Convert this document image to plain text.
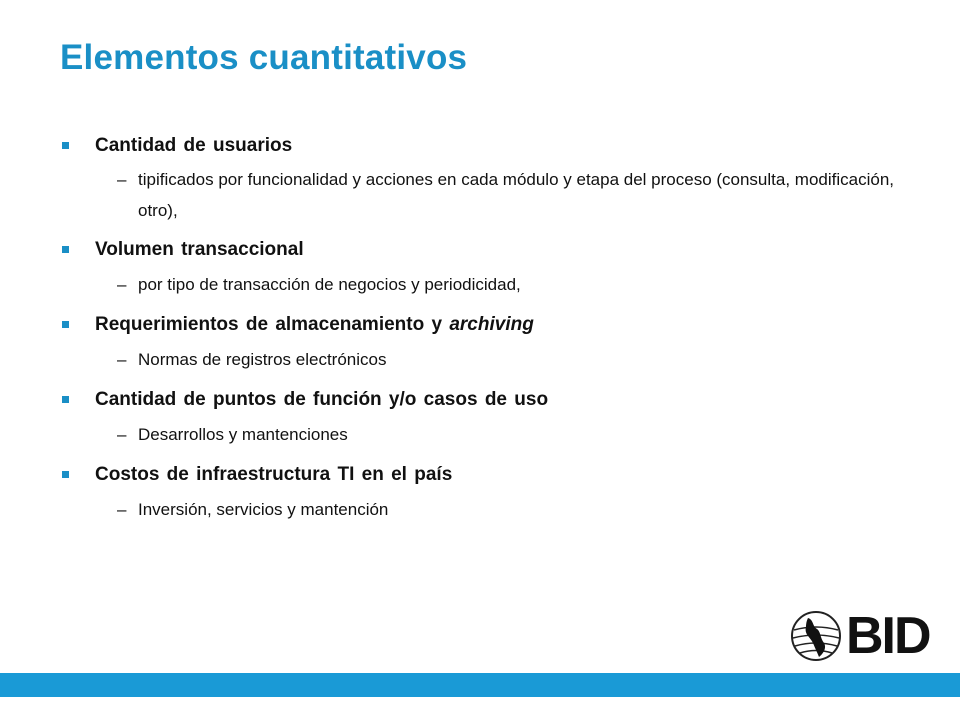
Elementos cuantitativos
Cantidad de usuarios
– tipificados por funcionalidad y acciones en cada módulo y etapa del proceso (consulta, modificación, otro),
Volumen transaccional
– por tipo de transacción de negocios y periodicidad,
Requerimientos de almacenamiento y archiving
– Normas de registros electrónicos
Cantidad de puntos de función y/o casos de uso
– Desarrollos y mantenciones
Costos de infraestructura TI en el país
– Inversión, servicios y mantención
BID
